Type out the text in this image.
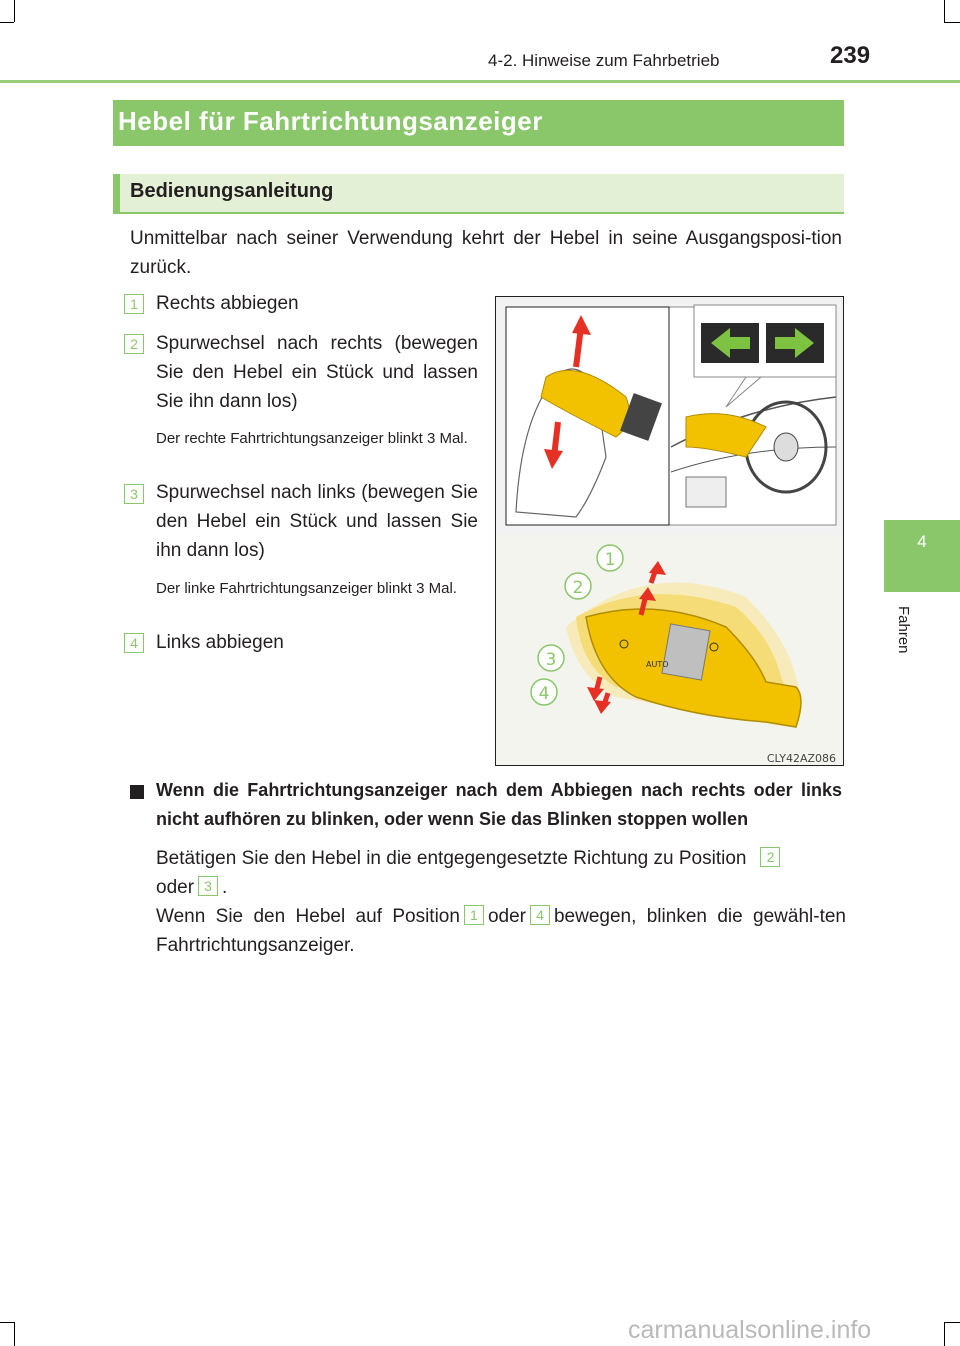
4-2. Hinweise zum Fahrbetrieb	239
4
Fahren
Hebel für Fahrtrichtungsanzeiger
Bedienungsanleitung
Unmittelbar nach seiner Verwendung kehrt der Hebel in seine Ausgangsposi-tion zurück.
1 Rechts abbiegen
2 Spurwechsel nach rechts (bewegen Sie den Hebel ein Stück und lassen Sie ihn dann los)
Der rechte Fahrtrichtungsanzeiger blinkt 3 Mal.
3 Spurwechsel nach links (bewegen Sie den Hebel ein Stück und lassen Sie ihn dann los)
Der linke Fahrtrichtungsanzeiger blinkt 3 Mal.
4 Links abbiegen
AUTO
1
2
3
4
CLY42AZ086
Wenn die Fahrtrichtungsanzeiger nach dem Abbiegen nach rechts oder links nicht aufhören zu blinken, oder wenn Sie das Blinken stoppen wollen
Betätigen Sie den Hebel in die entgegengesetzte Richtung zu Position 2
oder 3 .
Wenn Sie den Hebel auf Position 1 oder 4 bewegen, blinken die gewähl-ten Fahrtrichtungsanzeiger.
carmanualsonline.info
